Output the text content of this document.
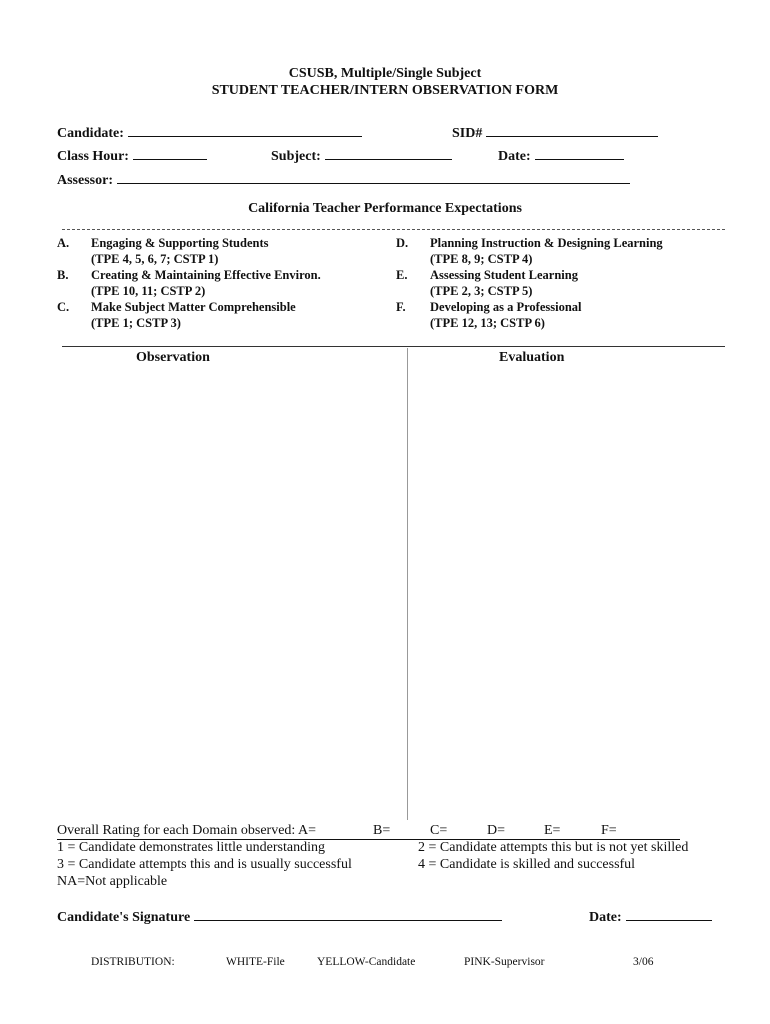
CSUSB, Multiple/Single Subject
STUDENT TEACHER/INTERN OBSERVATION FORM
Candidate:	SID#
Class Hour:	Subject:	Date:
Assessor:
California Teacher Performance Expectations
A. Engaging & Supporting Students
(TPE 4, 5, 6, 7; CSTP 1)
B. Creating & Maintaining Effective Environ.
(TPE 10, 11; CSTP 2)
C. Make Subject Matter Comprehensible
(TPE 1; CSTP 3)
D. Planning Instruction & Designing Learning
(TPE 8, 9; CSTP 4)
E. Assessing Student Learning
(TPE 2, 3; CSTP 5)
F. Developing as a Professional
(TPE 12, 13; CSTP 6)
Observation	Evaluation
Overall Rating for each Domain observed: A=	B=	C=	D=	E=	F=
1 = Candidate demonstrates little understanding	2 = Candidate attempts this but is not yet skilled
3 = Candidate attempts this and is usually successful	4 = Candidate is skilled and successful
NA=Not applicable
Candidate's Signature	Date:
DISTRIBUTION:	WHITE-File	YELLOW-Candidate	PINK-Supervisor	3/06
